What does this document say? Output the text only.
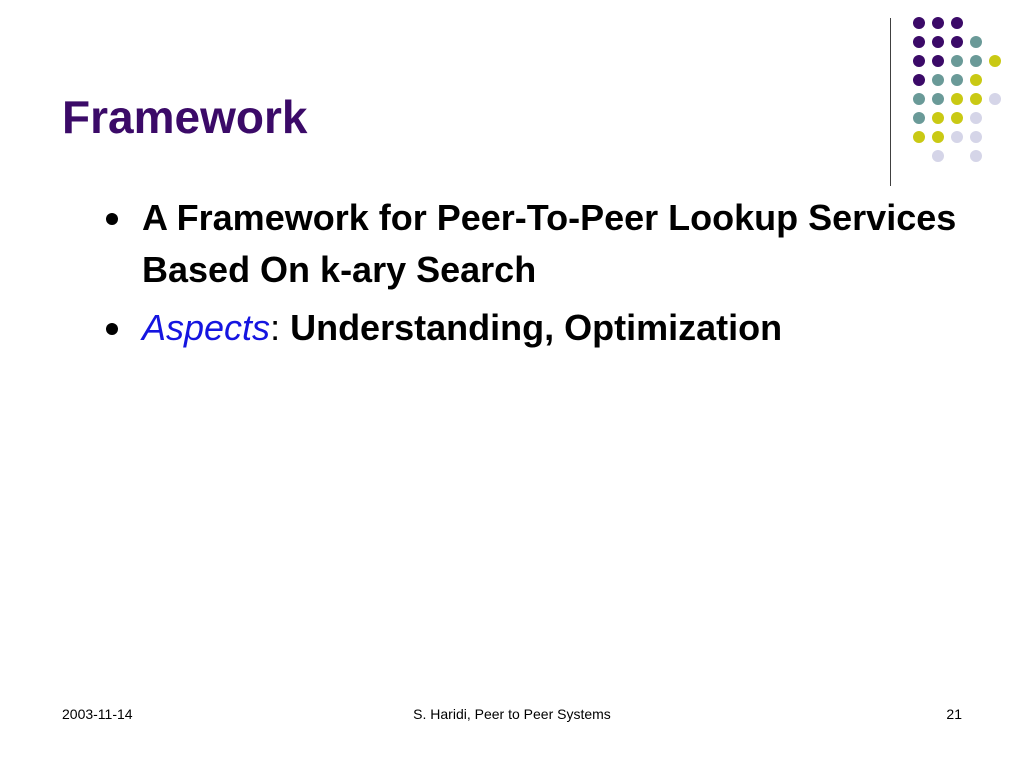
Framework
A Framework for Peer-To-Peer Lookup Services Based On k-ary Search
Aspects: Understanding, Optimization
2003-11-14	S. Haridi, Peer to Peer Systems	21
